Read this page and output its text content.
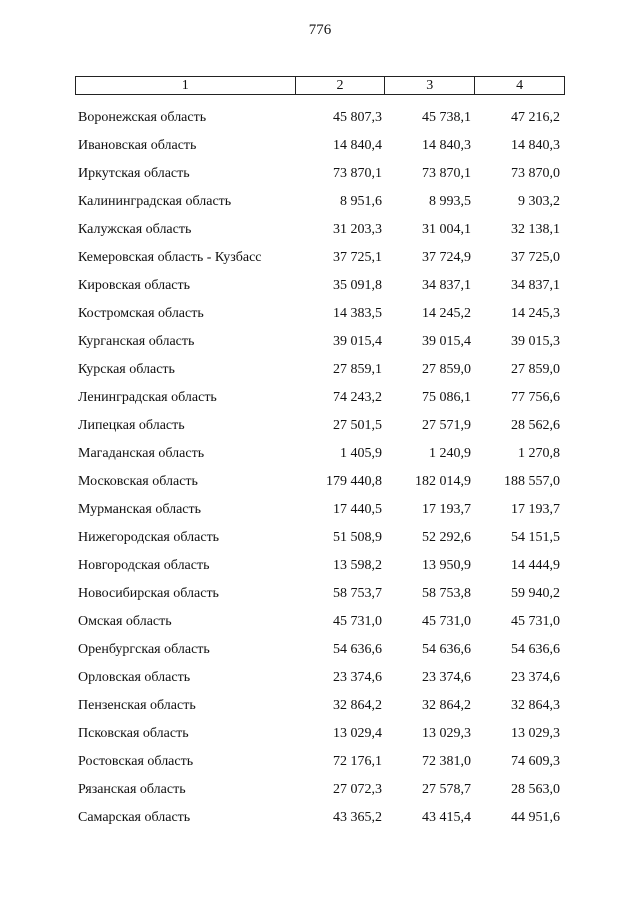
776
1	2	3	4
Воронежская область	45 807,3	45 738,1	47 216,2
Ивановская область	14 840,4	14 840,3	14 840,3
Иркутская область	73 870,1	73 870,1	73 870,0
Калининградская область	8 951,6	8 993,5	9 303,2
Калужская область	31 203,3	31 004,1	32 138,1
Кемеровская область - Кузбасс	37 725,1	37 724,9	37 725,0
Кировская область	35 091,8	34 837,1	34 837,1
Костромская область	14 383,5	14 245,2	14 245,3
Курганская область	39 015,4	39 015,4	39 015,3
Курская область	27 859,1	27 859,0	27 859,0
Ленинградская область	74 243,2	75 086,1	77 756,6
Липецкая область	27 501,5	27 571,9	28 562,6
Магаданская область	1 405,9	1 240,9	1 270,8
Московская область	179 440,8	182 014,9	188 557,0
Мурманская область	17 440,5	17 193,7	17 193,7
Нижегородская область	51 508,9	52 292,6	54 151,5
Новгородская область	13 598,2	13 950,9	14 444,9
Новосибирская область	58 753,7	58 753,8	59 940,2
Омская область	45 731,0	45 731,0	45 731,0
Оренбургская область	54 636,6	54 636,6	54 636,6
Орловская область	23 374,6	23 374,6	23 374,6
Пензенская область	32 864,2	32 864,2	32 864,3
Псковская область	13 029,4	13 029,3	13 029,3
Ростовская область	72 176,1	72 381,0	74 609,3
Рязанская область	27 072,3	27 578,7	28 563,0
Самарская область	43 365,2	43 415,4	44 951,6
